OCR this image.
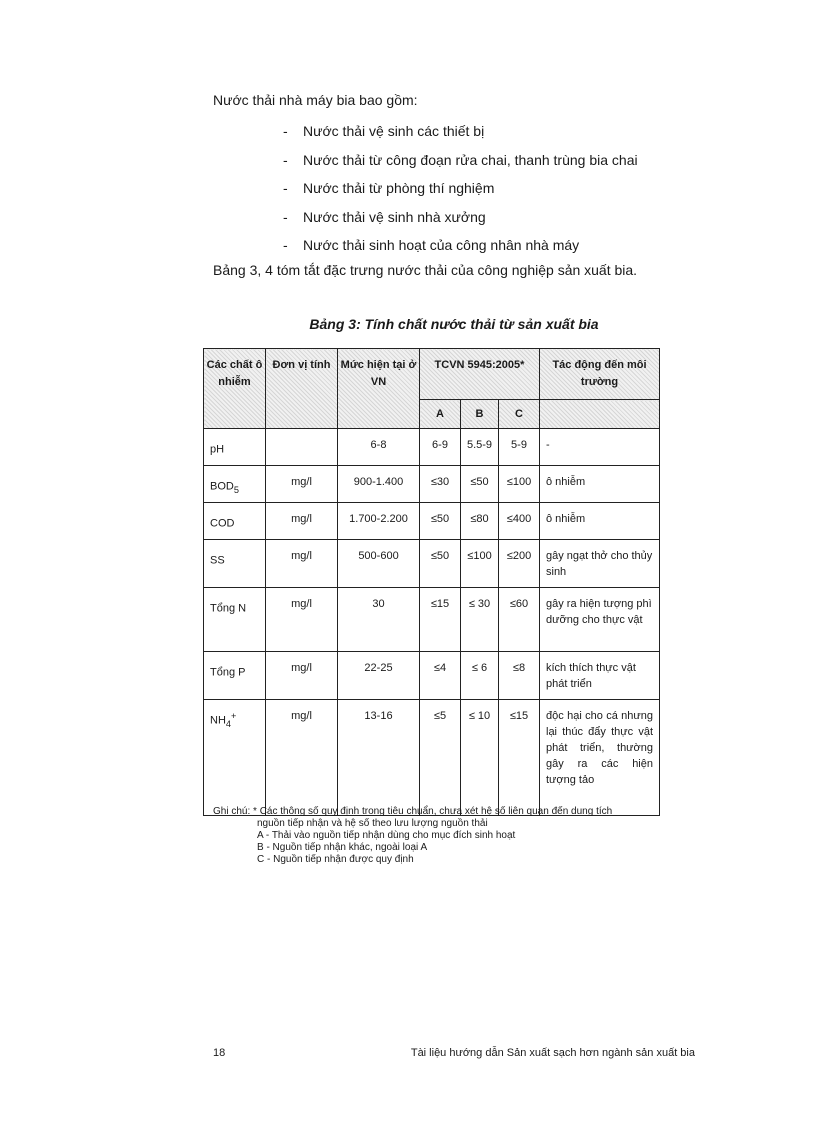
Nước thải nhà máy bia bao gồm:
- Nước thải vệ sinh các thiết bị
- Nước thải từ công đoạn rửa chai, thanh trùng bia chai
- Nước thải từ phòng thí nghiệm
- Nước thải vệ sinh nhà xưởng
- Nước thải sinh hoạt của công nhân nhà máy
Bảng 3, 4 tóm tắt đặc trưng nước thải của công nghiệp sản xuất bia.
Bảng 3: Tính chất nước thải từ sản xuất bia
Các chất ô nhiễm	Đơn vị tính	Mức hiện tại ở VN	TCVN 5945:2005*			Tác động đến môi trường
			A	B	C	
pH		6-8	6-9	5.5-9	5-9	-
$BOD_5$	mg/l	900-1.400	≤30	≤50	≤100	ô nhiễm
COD	mg/l	1.700-2.200	≤50	≤80	≤400	ô nhiễm
SS	mg/l	500-600	≤50	≤100	≤200	gây ngạt thở cho thủy sinh
Tổng N	mg/l	30	≤15	≤ 30	≤60	gây ra hiện tượng phì dưỡng cho thực vật
Tổng P	mg/l	22-25	≤4	≤ 6	≤8	kích thích thực vật phát triển
$NH_4^+$	mg/l	13-16	≤5	≤ 10	≤15	độc hại cho cá nhưng lại thúc đẩy thực vật phát triển, thường gây ra các hiện tượng tảo
Ghi chú: * Các thông số quy định trong tiêu chuẩn, chưa xét hệ số liên quan đến dung tích
nguồn tiếp nhận và hệ số theo lưu lượng nguồn thải
A - Thải vào nguồn tiếp nhận dùng cho mục đích sinh hoạt
B - Nguồn tiếp nhận khác, ngoài loại A
C - Nguồn tiếp nhận được quy định
18	Tài liệu hướng dẫn Sản xuất sạch hơn ngành sản xuất bia
